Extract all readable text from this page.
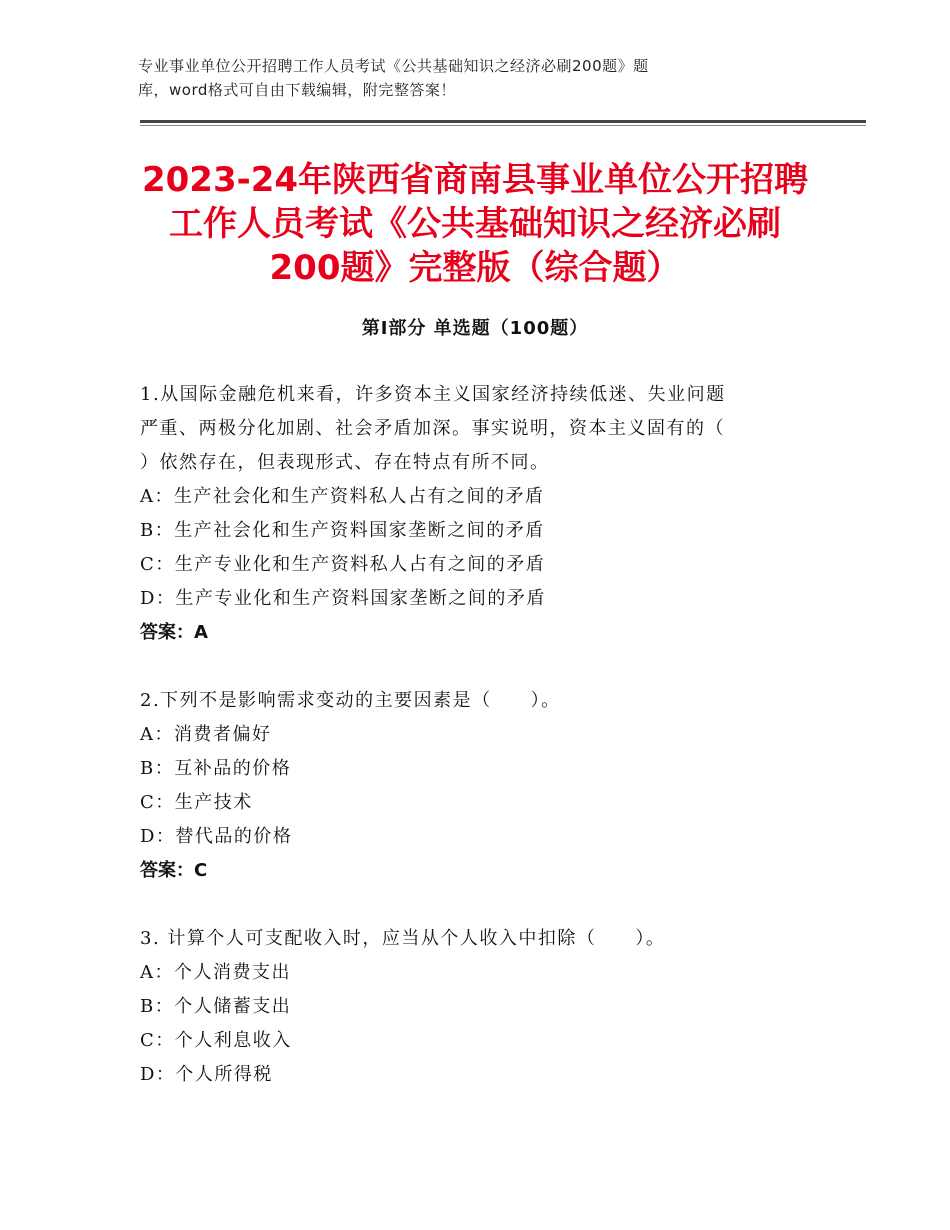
专业事业单位公开招聘工作人员考试《公共基础知识之经济必刷200题》题
库，word格式可自由下载编辑，附完整答案！
2023-24年陕西省商南县事业单位公开招聘
工作人员考试《公共基础知识之经济必刷
200题》完整版（综合题）
第Ⅰ部分 单选题（100题）
1.从国际金融危机来看，许多资本主义国家经济持续低迷、失业问题
严重、两极分化加剧、社会矛盾加深。事实说明，资本主义固有的（
）依然存在，但表现形式、存在特点有所不同。
A：生产社会化和生产资料私人占有之间的矛盾
B：生产社会化和生产资料国家垄断之间的矛盾
C：生产专业化和生产资料私人占有之间的矛盾
D：生产专业化和生产资料国家垄断之间的矛盾
答案：A
2.下列不是影响需求变动的主要因素是（　　）。
A：消费者偏好
B：互补品的价格
C：生产技术
D：替代品的价格
答案：C
3. 计算个人可支配收入时，应当从个人收入中扣除（　　）。
A：个人消费支出
B：个人储蓄支出
C：个人利息收入
D：个人所得税
